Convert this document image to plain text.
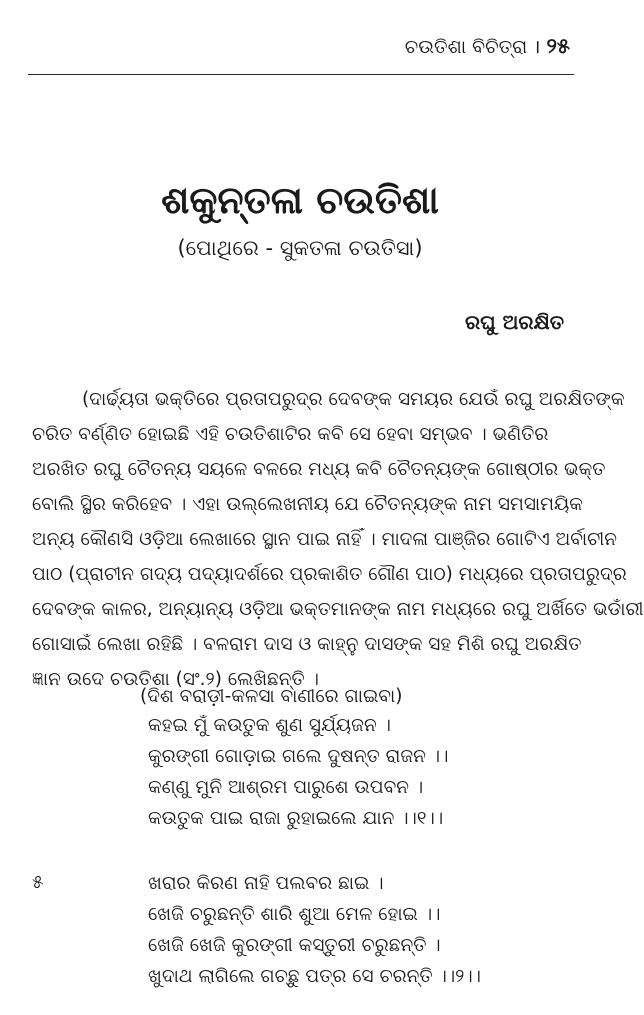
ଚଉତିଶା ବିଚିତ୍ରା । ୨୫
ଶକୁନ୍ତଳା ଚଉତିଶା
(ପୋଥିରେ - ସୁକତଳା ଚଉତିସା)
ରଘୁ ଅରକ୍ଷିତ
(ଦାର୍ଢ୍ୟତା ଭକ୍ତିରେ ପ୍ରତାପରୁଦ୍ର ଦେବଙ୍କ ସମୟର ଯେଉଁ ରଘୁ ଅରକ୍ଷିତଙ୍କ
ଚରିତ ବର୍ଣ୍ଣିତ ହୋଇଛି ଏହି ଚଉତିଶାଟିର କବି ସେ ହେବା ସମ୍ଭବ । ଭଣିତିର
ଅରଖିତ ରଘୁ ଚୈତନ୍ୟ ସୟଳେ ବଳରେ ମଧ୍ୟ କବି ଚୈତନ୍ୟଙ୍କ ଗୋଷ୍ଠୀର ଭକ୍ତ
ବୋଲି ସ୍ଥିର କରିହେବ । ଏହା ଉଲ୍ଲେଖନୀୟ ଯେ ଚୈତନ୍ୟଙ୍କ ନାମ ସମସାମୟିକ
ଅନ୍ୟ କୌଣସି ଓଡ଼ିଆ ଲେଖାରେ ସ୍ଥାନ ପାଇ ନାହିଁ । ମାଦଳା ପାଞ୍ଜିର ଗୋଟିଏ ଅର୍ବାଚୀନ
ପାଠ (ପ୍ରାଚୀନ ଗଦ୍ୟ ପଦ୍ୟାଦର୍ଶରେ ପ୍ରକାଶିତ ଗୌଣ ପାଠ) ମଧ୍ୟରେ ପ୍ରତାପରୁଦ୍ର
ଦେବଙ୍କ କାଳର, ଅନ୍ୟାନ୍ୟ ଓଡ଼ିଆ ଭକ୍ତମାନଙ୍କ ନାମ ମଧ୍ୟରେ ରଘୁ ଅର୍ଖିତେ ଭଡାଁରୀ
ଗୋସାଇଁ ଲେଖା ରହିଛି । ବଳରାମ ଦାସ ଓ କାହ୍ନୁ ଦାସଙ୍କ ସହ ମିଶି ରଘୁ ଅରକ୍ଷିତ
ଜ୍ଞାନ ଉଦେ ଚଉତିଶା (ସଂ.୨) ଲେଖିଛନ୍ତି ।
(ଦିଶ ବରାଡ଼ୀ-କଳସା ବାଣୀରେ ଗାଇବା)
କହଇ ମୁଁ କଉତୁକ ଶୁଣ ସୁର୍ଯ୍ୟଜନ ।
କୁରଙ୍ଗୀ ଗୋଡ଼ାଇ ଗଲେ ଦୁଷନ୍ତ ରାଜନ ।।
କଣ୍ଣୁ ମୁନି ଆଶ୍ରମ ପାରୁଶେ ଉପବନ ।
କଉତୁକ ପାଇ ରାଜା ରୁହାଇଲେ ଯାନ ।।୧।।
୫	ଖରାର କିରଣ ନାହି ପଲବର ଛାଇ ।
ଖେଜି ଚରୁଛନ୍ତି ଶାରି ଶୁଆ ମେଳ ହୋଇ ।।
ଖେଜି ଖେଜି କୁରଙ୍ଗୀ କସ୍ତୁରୀ ଚରୁଛନ୍ତି ।
ଖୁଦାଥ ଲାଗିଲେ ଗଚ୍ଛୁ ପତ୍ର ସେ ଚରନ୍ତି ।।୨।।
